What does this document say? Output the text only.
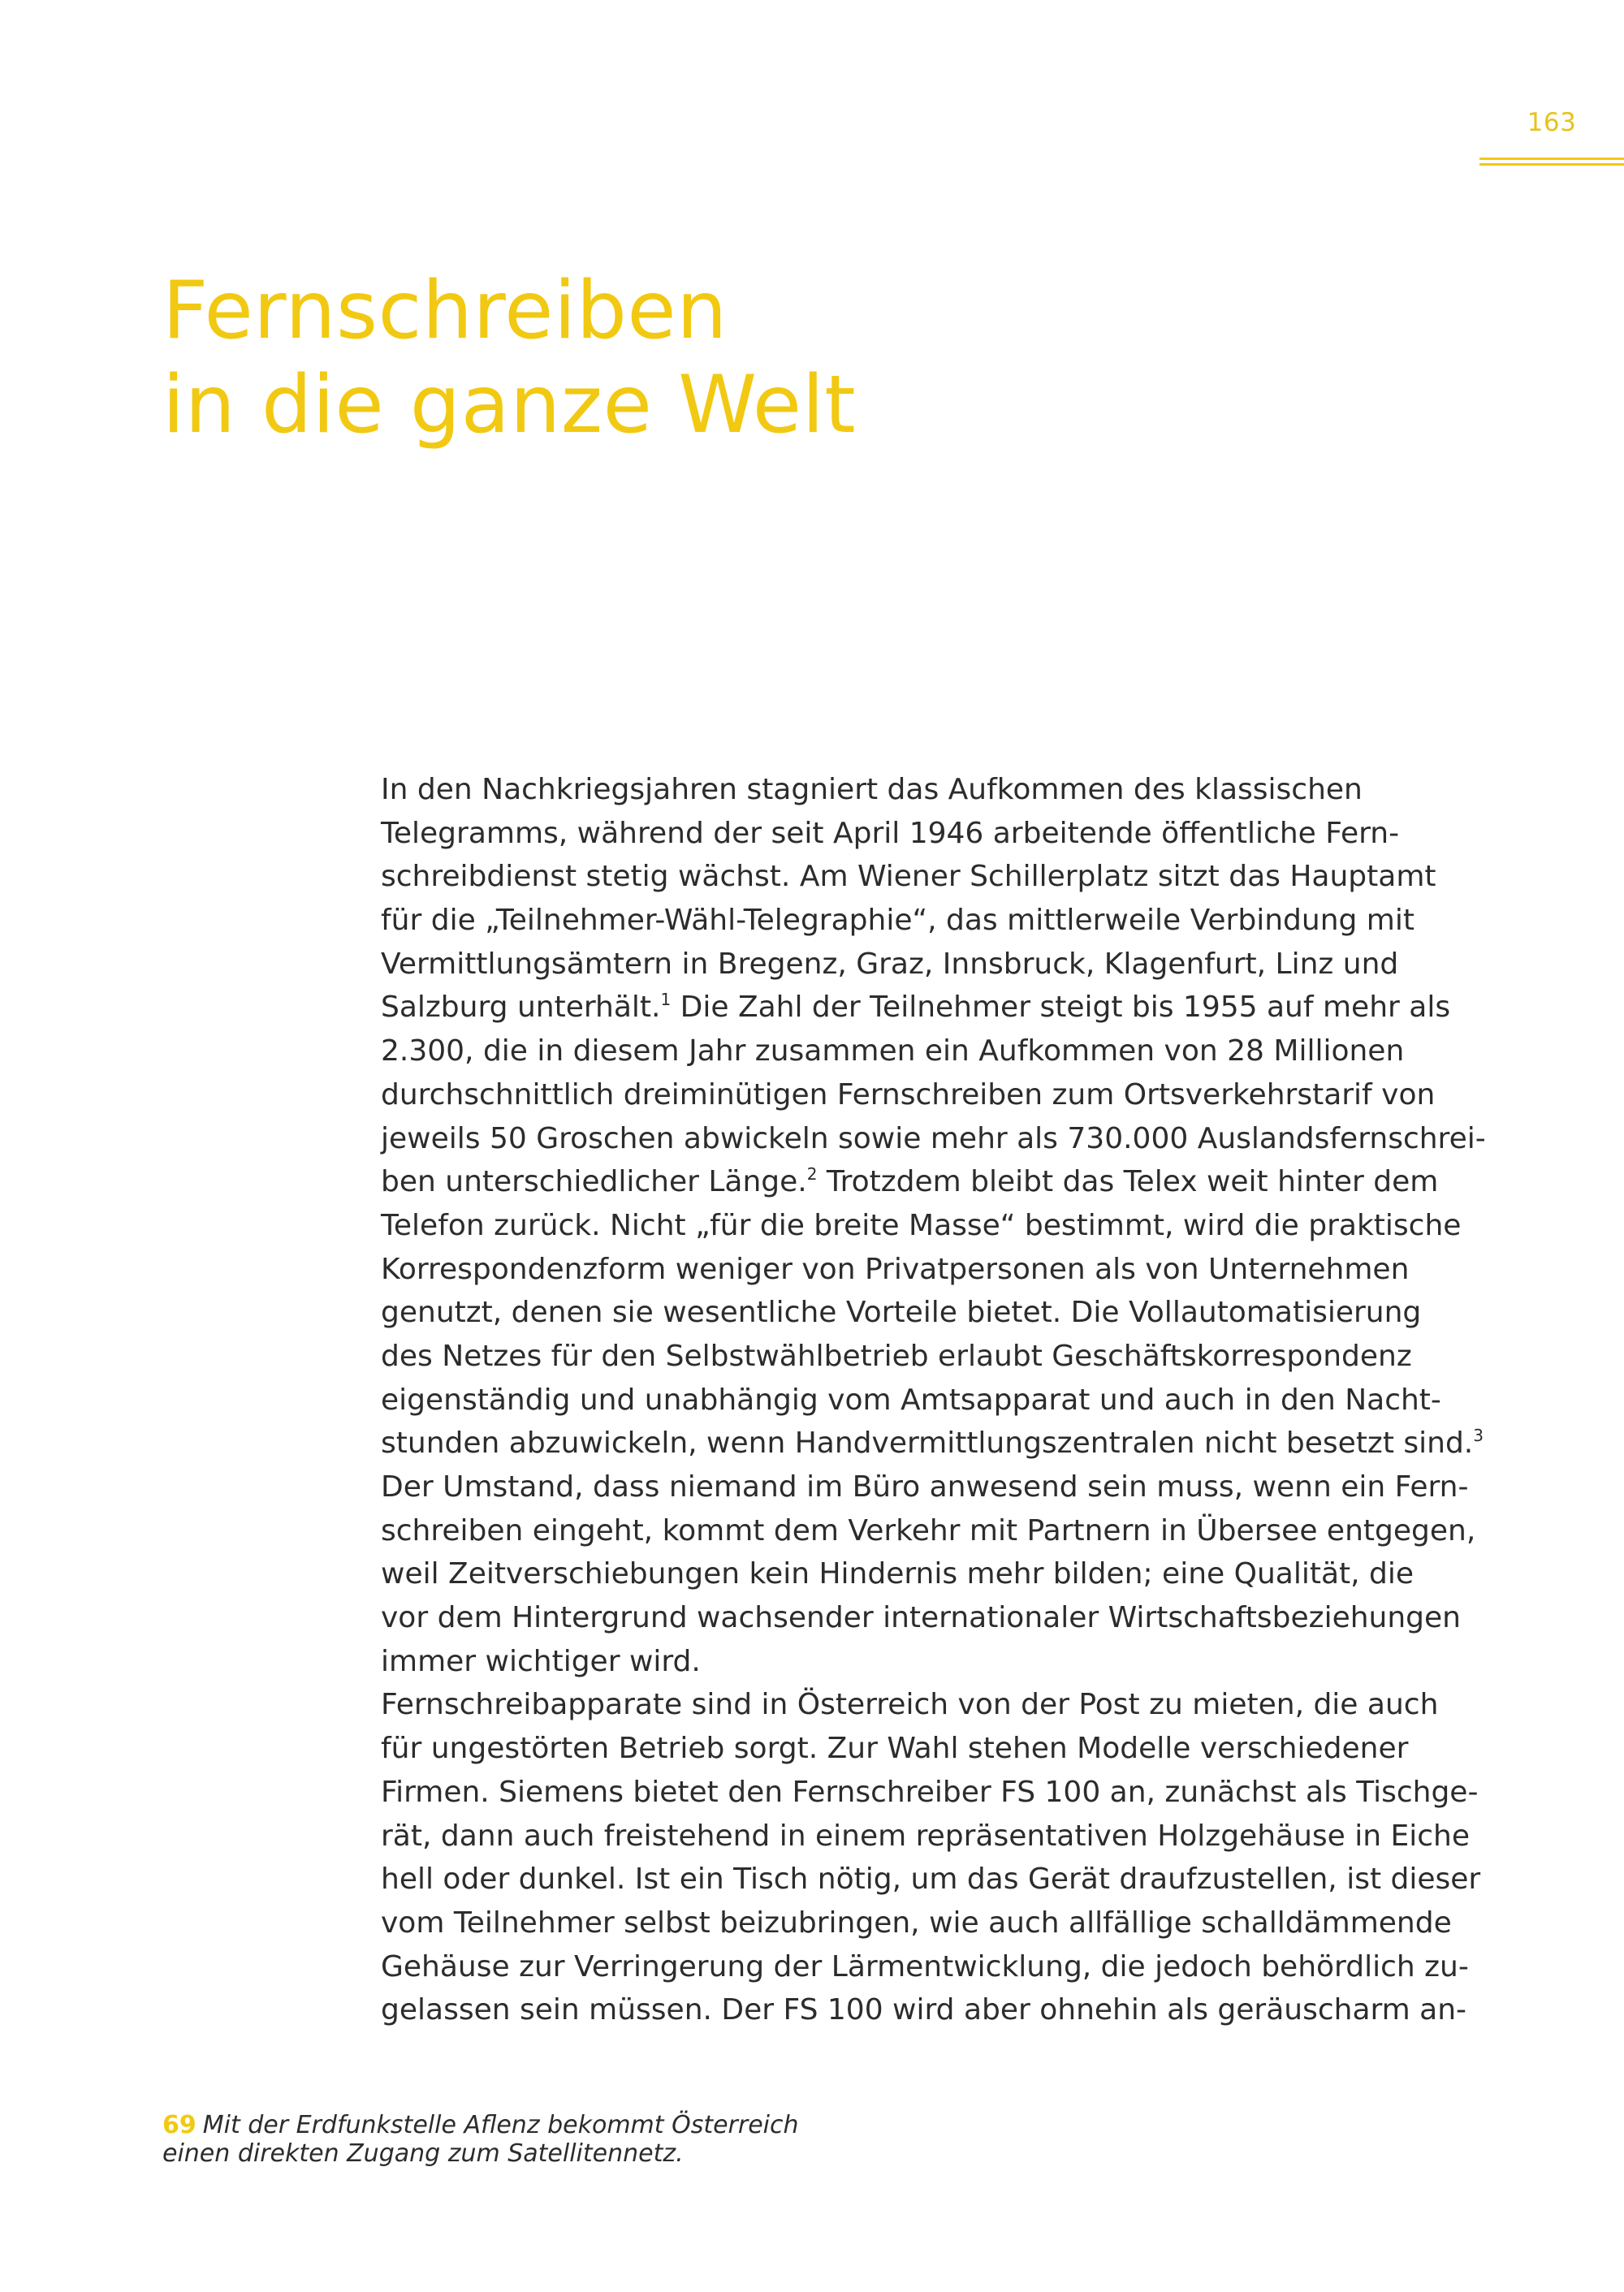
163
Fernschreiben
in die ganze Welt
In den Nachkriegsjahren stagniert das Aufkommen des klassischen
Telegramms, während der seit April 1946 arbeitende öffentliche Fern-
schreibdienst stetig wächst. Am Wiener Schillerplatz sitzt das Hauptamt
für die „Teilnehmer-Wähl-Telegraphie“, das mittlerweile Verbindung mit
Vermittlungsämtern in Bregenz, Graz, Innsbruck, Klagenfurt, Linz und
Salzburg unterhält.$^1$ Die Zahl der Teilnehmer steigt bis 1955 auf mehr als
2.300, die in diesem Jahr zusammen ein Aufkommen von 28 Millionen
durchschnittlich dreiminütigen Fernschreiben zum Ortsverkehrstarif von
jeweils 50 Groschen abwickeln sowie mehr als 730.000 Auslandsfernschrei-
ben unterschiedlicher Länge.$^2$ Trotzdem bleibt das Telex weit hinter dem
Telefon zurück. Nicht „für die breite Masse“ bestimmt, wird die praktische
Korrespondenzform weniger von Privatpersonen als von Unternehmen
genutzt, denen sie wesentliche Vorteile bietet. Die Vollautomatisierung
des Netzes für den Selbstwählbetrieb erlaubt Geschäftskorrespondenz
eigenständig und unabhängig vom Amtsapparat und auch in den Nacht-
stunden abzuwickeln, wenn Handvermittlungszentralen nicht besetzt sind.$^3$
Der Umstand, dass niemand im Büro anwesend sein muss, wenn ein Fern-
schreiben eingeht, kommt dem Verkehr mit Partnern in Übersee entgegen,
weil Zeitverschiebungen kein Hindernis mehr bilden; eine Qualität, die
vor dem Hintergrund wachsender internationaler Wirtschaftsbeziehungen
immer wichtiger wird.
Fernschreibapparate sind in Österreich von der Post zu mieten, die auch
für ungestörten Betrieb sorgt. Zur Wahl stehen Modelle verschiedener
Firmen. Siemens bietet den Fernschreiber FS 100 an, zunächst als Tischge-
rät, dann auch freistehend in einem repräsentativen Holzgehäuse in Eiche
hell oder dunkel. Ist ein Tisch nötig, um das Gerät draufzustellen, ist dieser
vom Teilnehmer selbst beizubringen, wie auch allfällige schalldämmende
Gehäuse zur Verringerung der Lärmentwicklung, die jedoch behördlich zu-
gelassen sein müssen. Der FS 100 wird aber ohnehin als geräuscharm an-
69 Mit der Erdfunkstelle Aflenz bekommt Österreich
einen direkten Zugang zum Satellitennetz.
